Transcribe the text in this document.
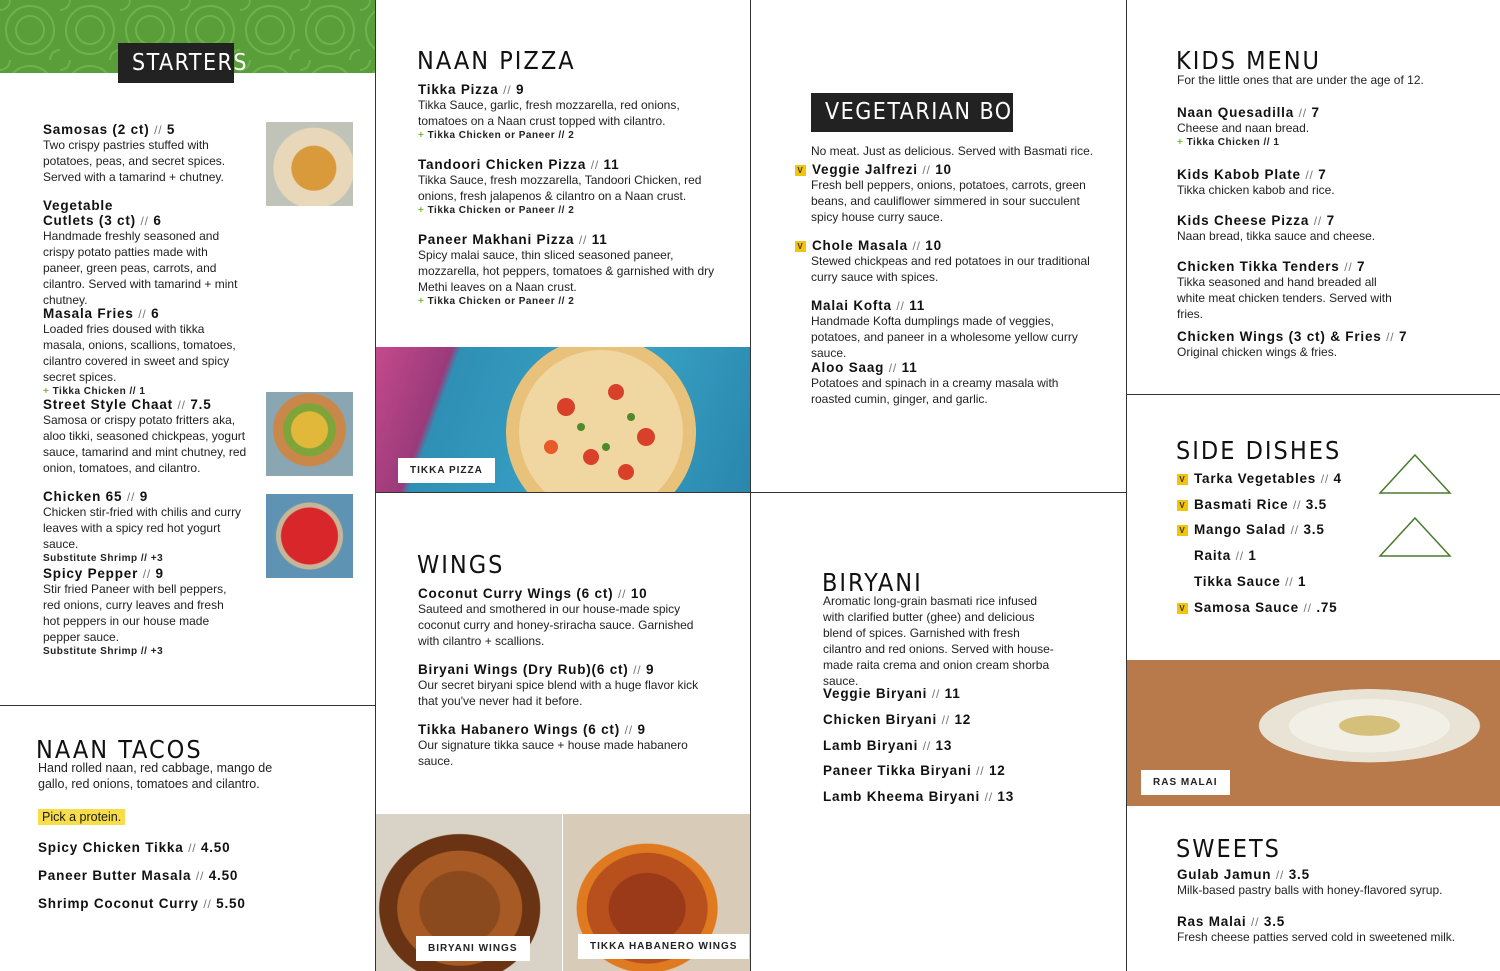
STARTERS
Samosas (2 ct) // 5
Two crispy pastries stuffed with potatoes, peas, and secret spices. Served with a tamarind + chutney.
Vegetable
Cutlets (3 ct) // 6
Handmade freshly seasoned and crispy potato patties made with paneer, green peas, carrots, and cilantro. Served with tamarind + mint chutney.
Masala Fries // 6
Loaded fries doused with tikka masala, onions, scallions, tomatoes, cilantro covered in sweet and spicy secret spices.
+ Tikka Chicken // 1
Street Style Chaat // 7.5
Samosa or crispy potato fritters aka, aloo tikki, seasoned chickpeas, yogurt sauce, tamarind and mint chutney, red onion, tomatoes, and cilantro.
Chicken 65 // 9
Chicken stir-fried with chilis and curry leaves with a spicy red hot yogurt sauce.
Substitute Shrimp // +3
Spicy Pepper // 9
Stir fried Paneer with bell peppers, red onions, curry leaves and fresh hot peppers in our house made pepper sauce.
Substitute Shrimp // +3
NAAN TACOS
Hand rolled naan, red cabbage, mango de gallo, red onions, tomatoes and cilantro.
Pick a protein.
Spicy Chicken Tikka // 4.50
Paneer Butter Masala // 4.50
Shrimp Coconut Curry // 5.50
NAAN PIZZA
Tikka Pizza // 9
Tikka Sauce, garlic, fresh mozzarella, red onions, tomatoes on a Naan crust topped with cilantro.
+ Tikka Chicken or Paneer // 2
Tandoori Chicken Pizza // 11
Tikka Sauce, fresh mozzarella, Tandoori Chicken, red onions, fresh jalapenos & cilantro on a Naan crust.
+ Tikka Chicken or Paneer // 2
Paneer Makhani Pizza // 11
Spicy malai sauce, thin sliced seasoned paneer, mozzarella, hot peppers, tomatoes & garnished with dry Methi leaves on a Naan crust.
+ Tikka Chicken or Paneer // 2
TIKKA PIZZA
WINGS
Coconut Curry Wings (6 ct) // 10
Sauteed and smothered in our house-made spicy coconut curry and honey-sriracha sauce. Garnished with cilantro + scallions.
Biryani Wings (Dry Rub)(6 ct) // 9
Our secret biryani spice blend with a huge flavor kick that you've never had it before.
Tikka Habanero Wings (6 ct) // 9
Our signature tikka sauce + house made habanero sauce.
BIRYANI WINGS	TIKKA HABANERO WINGS
VEGETARIAN BOWLS
No meat. Just as delicious. Served with Basmati rice.
V Veggie Jalfrezi // 10
Fresh bell peppers, onions, potatoes, carrots, green beans, and cauliflower simmered in sour succulent spicy house curry sauce.
V Chole Masala // 10
Stewed chickpeas and red potatoes in our traditional curry sauce with spices.
Malai Kofta // 11
Handmade Kofta dumplings made of veggies, potatoes, and paneer in a wholesome yellow curry sauce.
Aloo Saag // 11
Potatoes and spinach in a creamy masala with roasted cumin, ginger, and garlic.
BIRYANI
Aromatic long-grain basmati rice infused with clarified butter (ghee) and delicious blend of spices. Garnished with fresh cilantro and red onions. Served with house-made raita crema and onion cream shorba sauce.
Veggie Biryani // 11
Chicken Biryani // 12
Lamb Biryani // 13
Paneer Tikka Biryani // 12
Lamb Kheema Biryani // 13
KIDS MENU
For the little ones that are under the age of 12.
Naan Quesadilla // 7
Cheese and naan bread.
+ Tikka Chicken // 1
Kids Kabob Plate // 7
Tikka chicken kabob and rice.
Kids Cheese Pizza // 7
Naan bread, tikka sauce and cheese.
Chicken Tikka Tenders // 7
Tikka seasoned and hand breaded all white meat chicken tenders. Served with fries.
Chicken Wings (3 ct) & Fries // 7
Original chicken wings & fries.
SIDE DISHES
V Tarka Vegetables // 4
V Basmati Rice // 3.5
V Mango Salad // 3.5
Raita // 1
Tikka Sauce // 1
V Samosa Sauce // .75
RAS MALAI
SWEETS
Gulab Jamun // 3.5
Milk-based pastry balls with honey-flavored syrup.
Ras Malai // 3.5
Fresh cheese patties served cold in sweetened milk.
